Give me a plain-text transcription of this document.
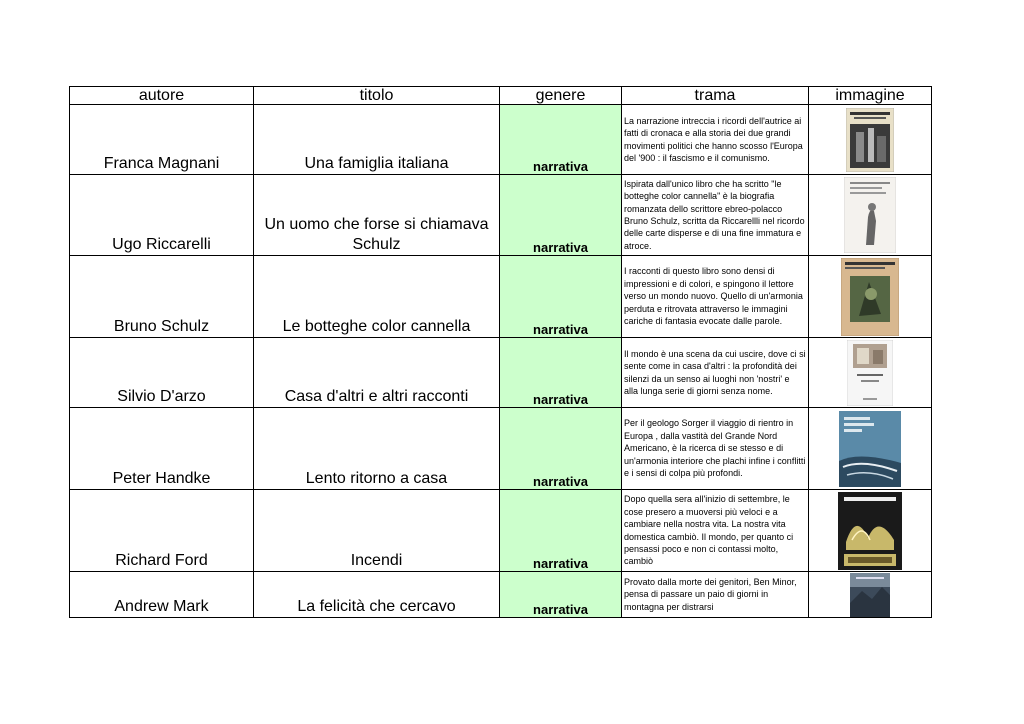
autore	titolo	genere	trama	immagine
Franca Magnani	Una famiglia italiana	narrativa	La narrazione intreccia i ricordi dell'autrice ai fatti di cronaca e alla storia dei due grandi movimenti politici che hanno scosso l'Europa del '900 : il fascismo e il comunismo.

Ugo Riccarelli	Un uomo che forse si chiamava Schulz	narrativa	Ispirata dall'unico libro che ha scritto "le botteghe color cannella" è la biografia romanzata dello scrittore ebreo-polacco Bruno Schulz, scritta da Riccarellli nel ricordo delle carte disperse e di una fine immatura e atroce.

Bruno Schulz	Le botteghe color cannella	narrativa	I racconti di questo libro sono densi di impressioni e di colori, e spingono il lettore verso un mondo nuovo. Quello di un'armonia perduta e ritrovata attraverso le immagini cariche di fantasia evocate dalle parole.

Silvio D'arzo	Casa d'altri e altri racconti	narrativa	Il mondo è una scena da cui uscire, dove ci si sente come in casa d'altri : la profondità dei silenzi da un senso ai luoghi non 'nostri' e alla lunga serie di giorni senza nome.

Peter Handke	Lento ritorno a casa	narrativa	Per il geologo Sorger il viaggio di rientro in Europa , dalla vastità del Grande Nord Americano, è la ricerca di se stesso e di un'armonia interiore che plachi infine i conflitti e i sensi di colpa più profondi.

Richard Ford	Incendi	narrativa	Dopo quella sera all'inizio di settembre, le cose presero a muoversi più veloci e a cambiare nella nostra vita. La nostra vita domestica cambiò. Il mondo, per quanto ci pensassi poco e non ci contassi molto, cambiò

Andrew Mark	La felicità che cercavo	narrativa	Provato dalla morte dei genitori, Ben Minor, pensa di passare un paio di giorni in montagna per distrarsi
